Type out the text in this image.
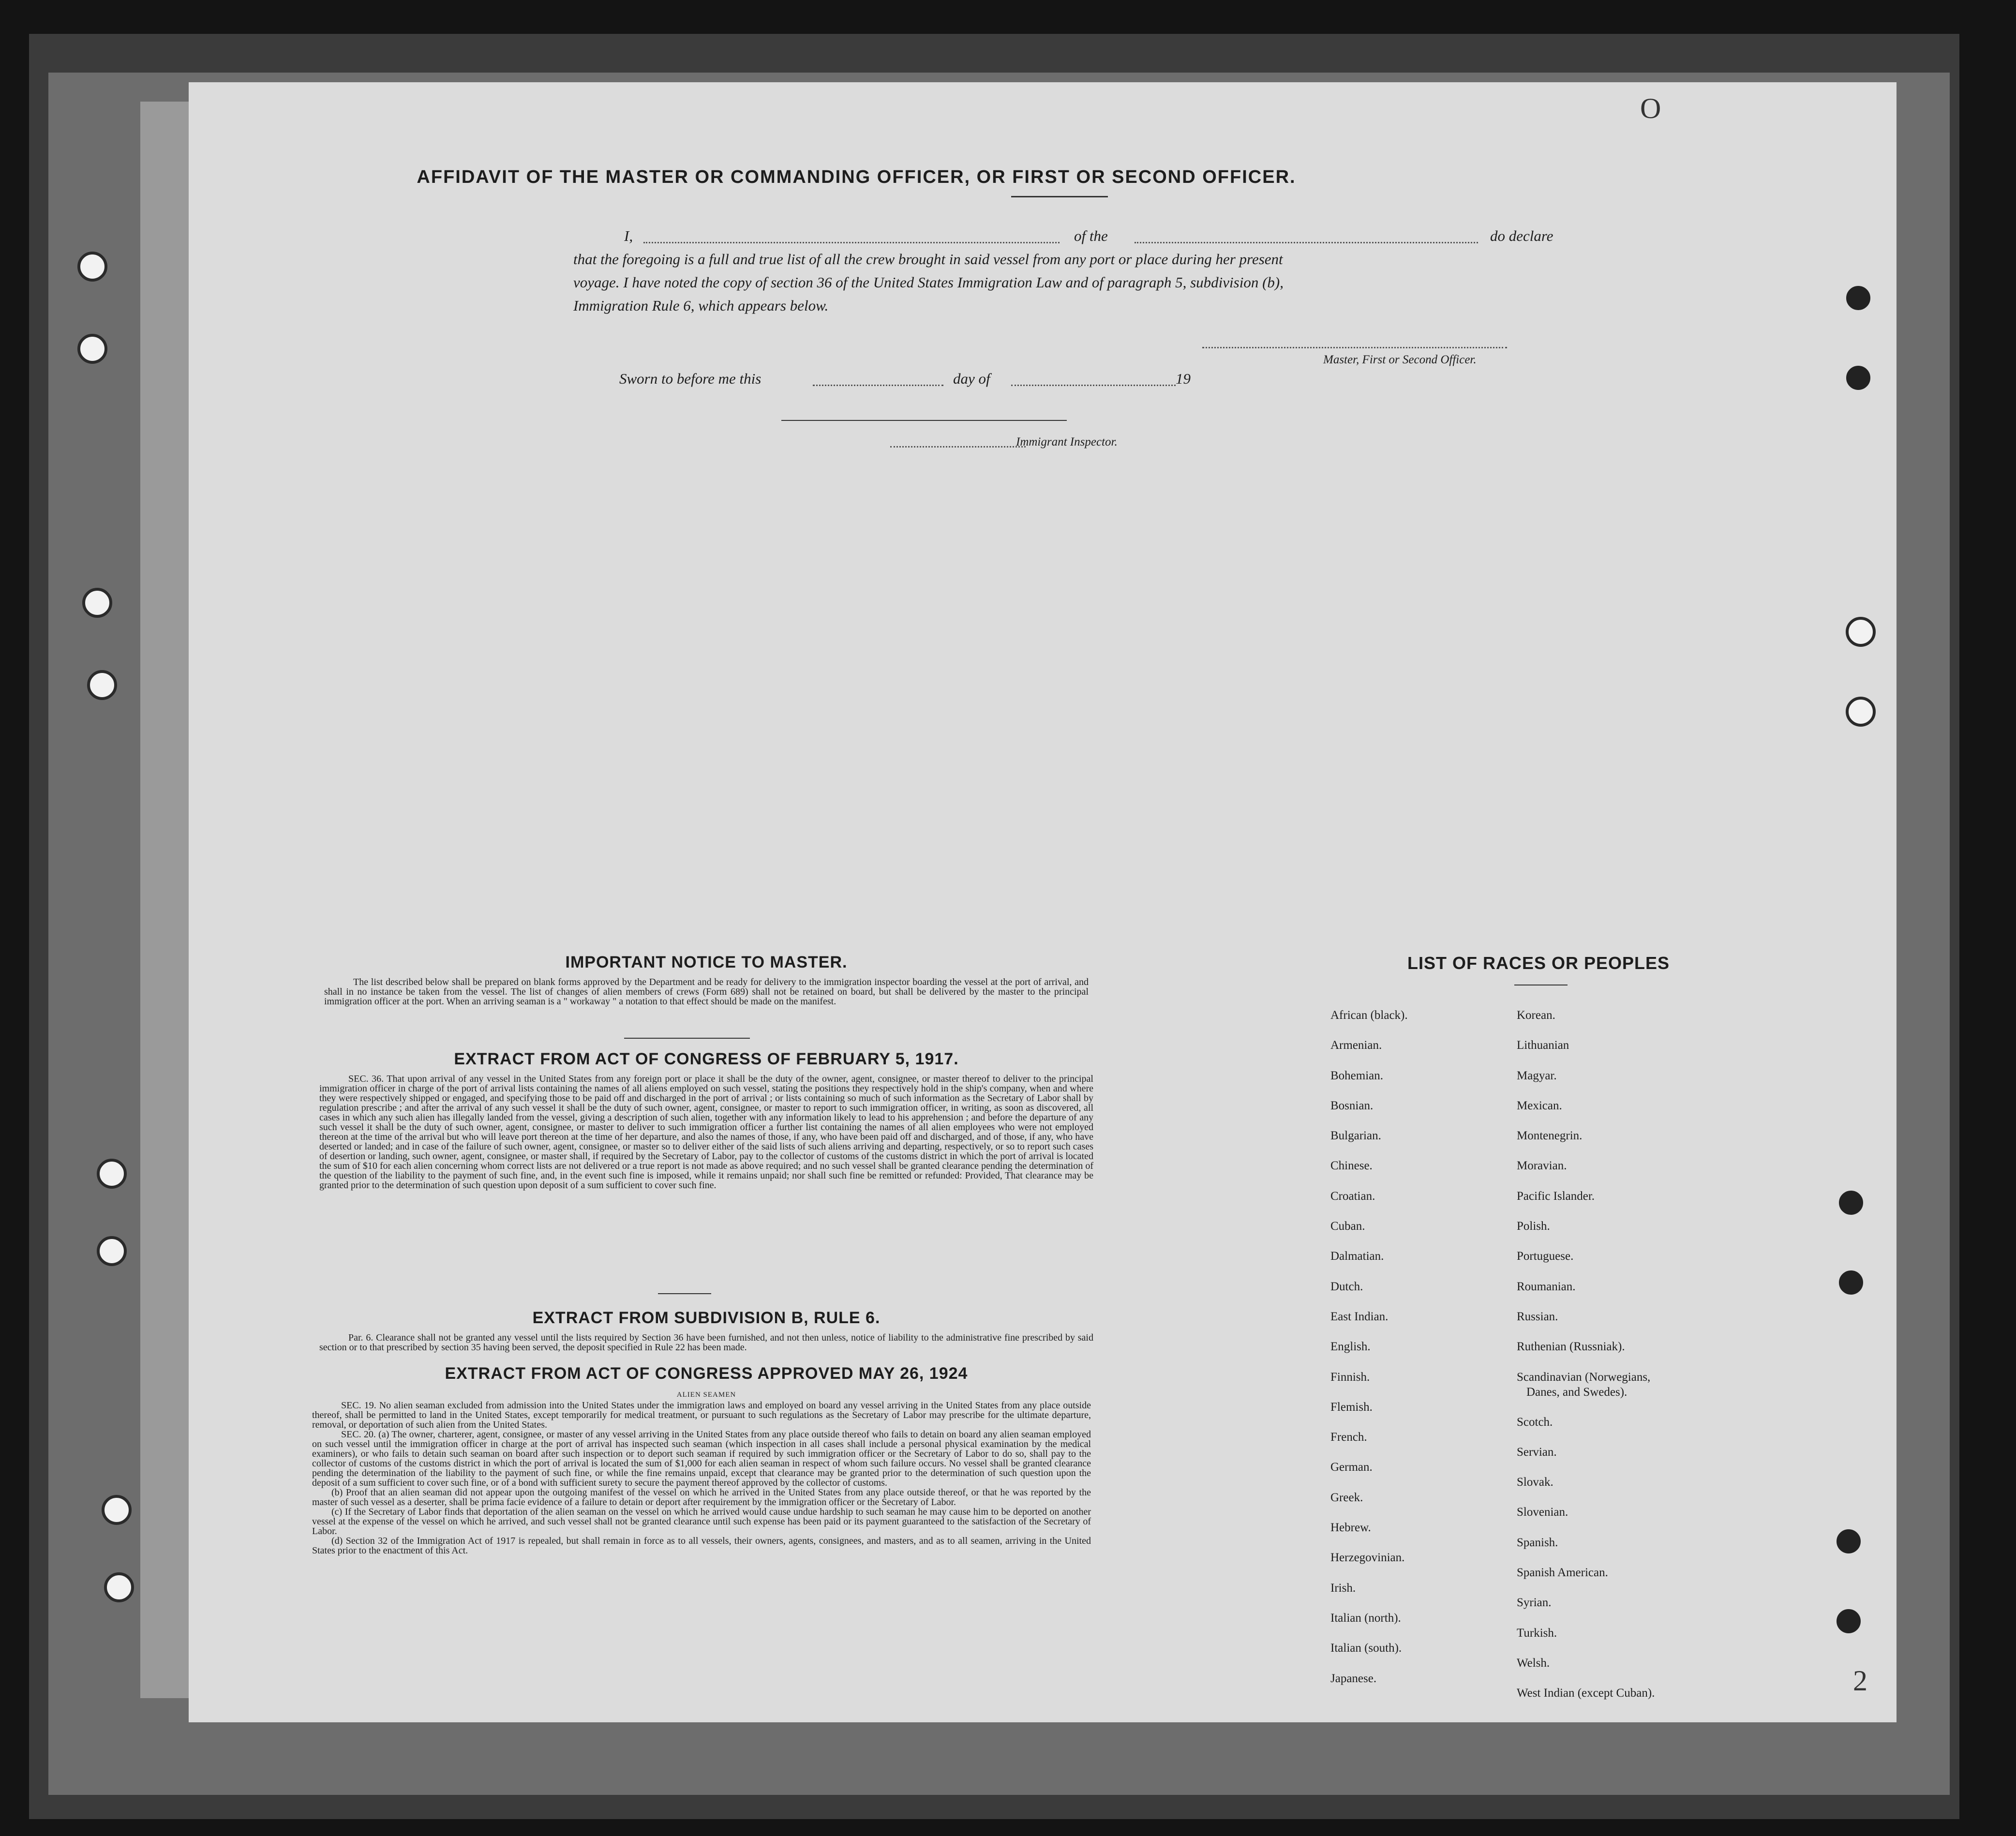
O
2
AFFIDAVIT OF THE MASTER OR COMMANDING OFFICER, OR FIRST OR SECOND OFFICER.
I,	of the	do declare
that the foregoing is a full and true list of all the crew brought in said vessel from any port or place during her present
voyage. I have noted the copy of section 36 of the United States Immigration Law and of paragraph 5, subdivision (b),
Immigration Rule 6, which appears below.
Master, First or Second Officer.
Sworn to before me this	day of	19
Immigrant Inspector.
IMPORTANT NOTICE TO MASTER.
The list described below shall be prepared on blank forms approved by the Department and be ready for delivery to the immigration inspector boarding the vessel at the port of arrival, and shall in no instance be taken from the vessel. The list of changes of alien members of crews (Form 689) shall not be retained on board, but shall be delivered by the master to the principal immigration officer at the port. When an arriving seaman is a " workaway " a notation to that effect should be made on the manifest.
EXTRACT FROM ACT OF CONGRESS OF FEBRUARY 5, 1917.
SEC. 36. That upon arrival of any vessel in the United States from any foreign port or place it shall be the duty of the owner, agent, consignee, or master thereof to deliver to the principal immigration officer in charge of the port of arrival lists containing the names of all aliens employed on such vessel, stating the positions they respectively hold in the ship's company, when and where they were respectively shipped or engaged, and specifying those to be paid off and discharged in the port of arrival ; or lists containing so much of such information as the Secretary of Labor shall by regulation prescribe ; and after the arrival of any such vessel it shall be the duty of such owner, agent, consignee, or master to report to such immigration officer, in writing, as soon as discovered, all cases in which any such alien has illegally landed from the vessel, giving a description of such alien, together with any information likely to lead to his apprehension ; and before the departure of any such vessel it shall be the duty of such owner, agent, consignee, or master to deliver to such immigration officer a further list containing the names of all alien employees who were not employed thereon at the time of the arrival but who will leave port thereon at the time of her departure, and also the names of those, if any, who have been paid off and discharged, and of those, if any, who have deserted or landed; and in case of the failure of such owner, agent, consignee, or master so to deliver either of the said lists of such aliens arriving and departing, respectively, or so to report such cases of desertion or landing, such owner, agent, consignee, or master shall, if required by the Secretary of Labor, pay to the collector of customs of the customs district in which the port of arrival is located the sum of $10 for each alien concerning whom correct lists are not delivered or a true report is not made as above required; and no such vessel shall be granted clearance pending the determination of the question of the liability to the payment of such fine, and, in the event such fine is imposed, while it remains unpaid; nor shall such fine be remitted or refunded: Provided, That clearance may be granted prior to the determination of such question upon deposit of a sum sufficient to cover such fine.
EXTRACT FROM SUBDIVISION B, RULE 6.
Par. 6. Clearance shall not be granted any vessel until the lists required by Section 36 have been furnished, and not then unless, notice of liability to the administrative fine prescribed by said section or to that prescribed by section 35 having been served, the deposit specified in Rule 22 has been made.
EXTRACT FROM ACT OF CONGRESS APPROVED MAY 26, 1924
ALIEN SEAMEN

SEC. 19. No alien seaman excluded from admission into the United States under the immigration laws and employed on board any vessel arriving in the United States from any place outside thereof, shall be permitted to land in the United States, except temporarily for medical treatment, or pursuant to such regulations as the Secretary of Labor may prescribe for the ultimate departure, removal, or deportation of such alien from the United States.

SEC. 20. (a) The owner, charterer, agent, consignee, or master of any vessel arriving in the United States from any place outside thereof who fails to detain on board any alien seaman employed on such vessel until the immigration officer in charge at the port of arrival has inspected such seaman (which inspection in all cases shall include a personal physical examination by the medical examiners), or who fails to detain such seaman on board after such inspection or to deport such seaman if required by such immigration officer or the Secretary of Labor to do so, shall pay to the collector of customs of the customs district in which the port of arrival is located the sum of $1,000 for each alien seaman in respect of whom such failure occurs. No vessel shall be granted clearance pending the determination of the liability to the payment of such fine, or while the fine remains unpaid, except that clearance may be granted prior to the determination of such question upon the deposit of a sum sufficient to cover such fine, or of a bond with sufficient surety to secure the payment thereof approved by the collector of customs.

(b) Proof that an alien seaman did not appear upon the outgoing manifest of the vessel on which he arrived in the United States from any place outside thereof, or that he was reported by the master of such vessel as a deserter, shall be prima facie evidence of a failure to detain or deport after requirement by the immigration officer or the Secretary of Labor.

(c) If the Secretary of Labor finds that deportation of the alien seaman on the vessel on which he arrived would cause undue hardship to such seaman he may cause him to be deported on another vessel at the expense of the vessel on which he arrived, and such vessel shall not be granted clearance until such expense has been paid or its payment guaranteed to the satisfaction of the Secretary of Labor.

(d) Section 32 of the Immigration Act of 1917 is repealed, but shall remain in force as to all vessels, their owners, agents, consignees, and masters, and as to all seamen, arriving in the United States prior to the enactment of this Act.

LIST OF RACES OR PEOPLES
African (black).
Armenian.
Bohemian.
Bosnian.
Bulgarian.
Chinese.
Croatian.
Cuban.
Dalmatian.
Dutch.
East Indian.
English.
Finnish.
Flemish.
French.
German.
Greek.
Hebrew.
Herzegovinian.
Irish.
Italian (north).
Italian (south).
Japanese.
Korean.
Lithuanian
Magyar.
Mexican.
Montenegrin.
Moravian.
Pacific Islander.
Polish.
Portuguese.
Roumanian.
Russian.
Ruthenian (Russniak).
Scandinavian (Norwegians,
Danes, and Swedes).
Scotch.
Servian.
Slovak.
Slovenian.
Spanish.
Spanish American.
Syrian.
Turkish.
Welsh.
West Indian (except Cuban).
